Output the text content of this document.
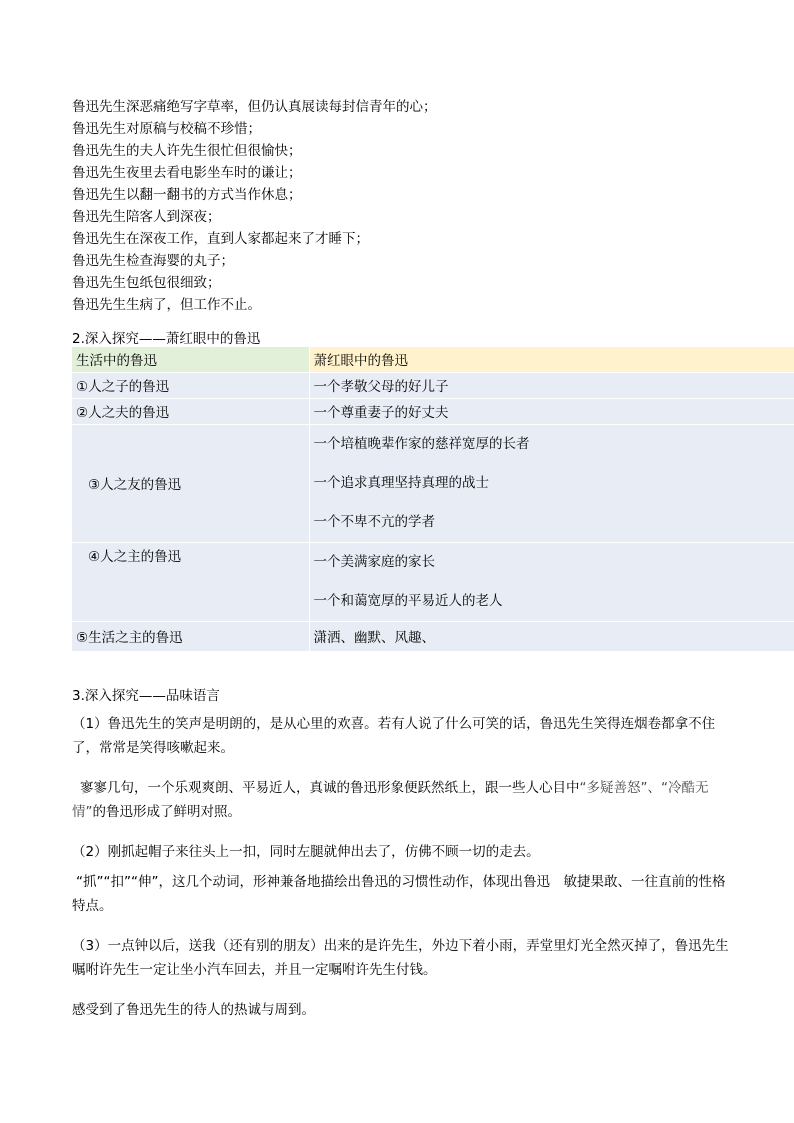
鲁迅先生深恶痛绝写字草率，但仍认真展读每封信青年的心；
鲁迅先生对原稿与校稿不珍惜；
鲁迅先生的夫人许先生很忙但很愉快；
鲁迅先生夜里去看电影坐车时的谦让；
鲁迅先生以翻一翻书的方式当作休息；
鲁迅先生陪客人到深夜；
鲁迅先生在深夜工作，直到人家都起来了才睡下；
鲁迅先生检查海婴的丸子；
鲁迅先生包纸包很细致；
鲁迅先生生病了，但工作不止。
2.深入探究——萧红眼中的鲁迅
生活中的鲁迅	萧红眼中的鲁迅
①人之子的鲁迅	一个孝敬父母的好儿子
②人之夫的鲁迅	一个尊重妻子的好丈夫
③人之友的鲁迅	一个培植晚辈作家的慈祥宽厚的长者
一个追求真理坚持真理的战士
一个不卑不亢的学者

④人之主的鲁迅	一个美满家庭的家长
一个和蔼宽厚的平易近人的老人

⑤生活之主的鲁迅	潇洒、幽默、风趣、
3.深入探究——品味语言

（1）鲁迅先生的笑声是明朗的，是从心里的欢喜。若有人说了什么可笑的话，鲁迅先生笑得连烟卷都拿不住了，常常是笑得咳嗽起来。

寥寥几句，一个乐观爽朗、平易近人，真诚的鲁迅形象便跃然纸上，跟一些人心目中“多疑善怒”、“冷酷无情”的鲁迅形成了鲜明对照。

（2）刚抓起帽子来往头上一扣，同时左腿就伸出去了，仿佛不顾一切的走去。

“抓”“扣”“伸”，这几个动词，形神兼备地描绘出鲁迅的习惯性动作，体现出鲁迅　敏捷果敢、一往直前的性格特点。

（3）一点钟以后，送我（还有别的朋友）出来的是许先生，外边下着小雨，弄堂里灯光全然灭掉了，鲁迅先生嘱咐许先生一定让坐小汽车回去，并且一定嘱咐许先生付钱。

感受到了鲁迅先生的待人的热诚与周到。
